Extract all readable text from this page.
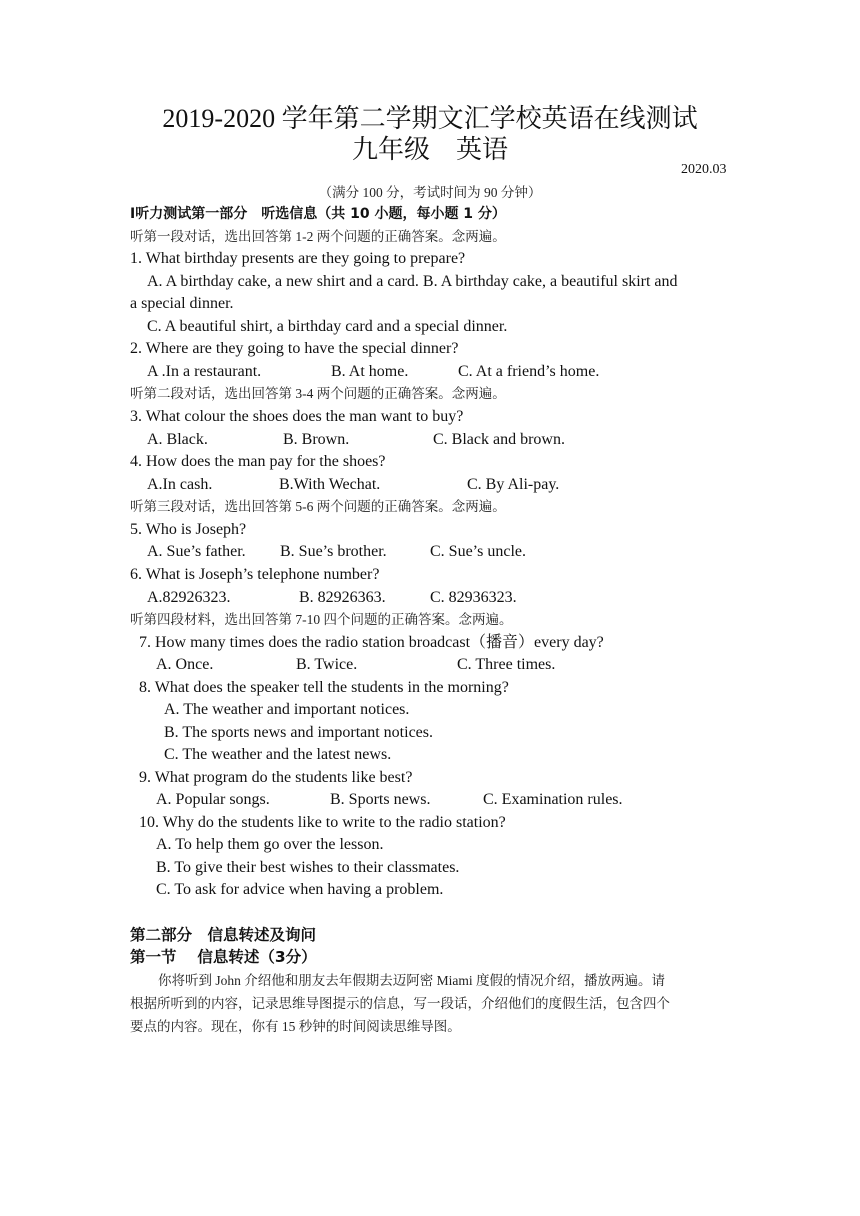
2019-2020 学年第二学期文汇学校英语在线测试
九年级　英语
2020.03
（满分 100 分，考试时间为 90 分钟）
Ⅰ听力测试第一部分　听选信息（共 10 小题，每小题 1 分）
听第一段对话，选出回答第 1-2 两个问题的正确答案。念两遍。
1. What birthday presents are they going to prepare?
A. A birthday cake, a new shirt and a card. B. A birthday cake, a beautiful skirt and
a special dinner.
C. A beautiful shirt, a birthday card and a special dinner.
2. Where are they going to have the special dinner?
A .In a restaurant.	B. At home.	C. At a friend’s home.
听第二段对话，选出回答第 3-4 两个问题的正确答案。念两遍。
3. What colour the shoes does the man want to buy?
A. Black.	B. Brown.	C. Black and brown.
4. How does the man pay for the shoes?
A.In cash.	B.With Wechat.	C. By Ali-pay.
听第三段对话，选出回答第 5-6 两个问题的正确答案。念两遍。
5. Who is Joseph?
A. Sue’s father. B. Sue’s brother.	C. Sue’s uncle.
6. What is Joseph’s telephone number?
A.82926323.	B. 82926363.	C. 82936323.
听第四段材料，选出回答第 7-10 四个问题的正确答案。念两遍。
7. How many times does the radio station broadcast（播音）every day?
A. Once.	B. Twice.	C. Three times.
8. What does the speaker tell the students in the morning?
A. The weather and important notices.
B. The sports news and important notices.
C. The weather and the latest news.
9. What program do the students like best?
A. Popular songs.	B. Sports news.	C. Examination rules.
10. Why do the students like to write to the radio station?
A. To help them go over the lesson.
B. To give their best wishes to their classmates.
C. To ask for advice when having a problem.
第二部分　信息转述及询问
第一节　 信息转述（3分）
你将听到 John 介绍他和朋友去年假期去迈阿密 Miami 度假的情况介绍，播放两遍。请
根据所听到的内容，记录思维导图提示的信息，写一段话，介绍他们的度假生活，包含四个
要点的内容。现在，你有 15 秒钟的时间阅读思维导图。
